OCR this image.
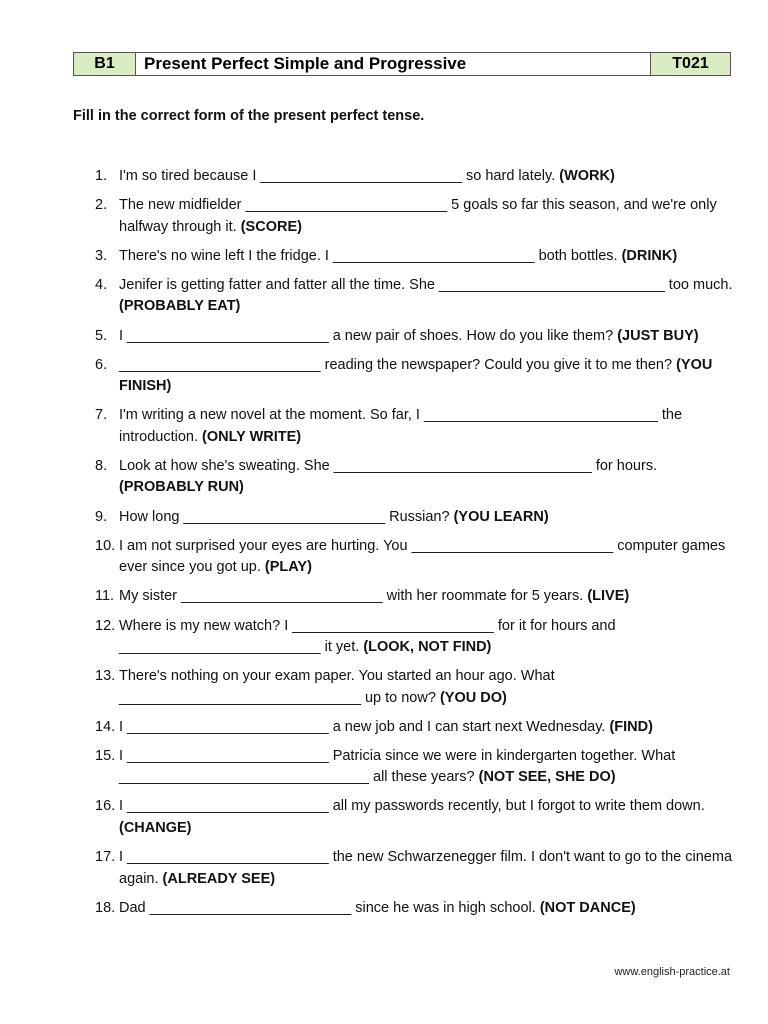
B1	Present Perfect Simple and Progressive	T021
Fill in the correct form of the present perfect tense.
1. I'm so tired because I _________________________ so hard lately. (WORK)
2. The new midfielder _________________________ 5 goals so far this season, and we're only halfway through it. (SCORE)
3. There's no wine left I the fridge. I _________________________ both bottles. (DRINK)
4. Jenifer is getting fatter and fatter all the time. She ____________________________ too much. (PROBABLY EAT)
5. I _________________________ a new pair of shoes. How do you like them? (JUST BUY)
6. _________________________ reading the newspaper? Could you give it to me then? (YOU FINISH)
7. I'm writing a new novel at the moment. So far, I _____________________________ the introduction. (ONLY WRITE)
8. Look at how she's sweating. She ________________________________ for hours. (PROBABLY RUN)
9. How long _________________________ Russian? (YOU LEARN)
10. I am not surprised your eyes are hurting. You _________________________ computer games ever since you got up. (PLAY)
11. My sister _________________________ with her roommate for 5 years. (LIVE)
12. Where is my new watch? I _________________________ for it for hours and _________________________ it yet. (LOOK, NOT FIND)
13. There's nothing on your exam paper. You started an hour ago. What ______________________________ up to now? (YOU DO)
14. I _________________________ a new job and I can start next Wednesday. (FIND)
15. I _________________________ Patricia since we were in kindergarten together. What _______________________________ all these years? (NOT SEE, SHE DO)
16. I _________________________ all my passwords recently, but I forgot to write them down. (CHANGE)
17. I _________________________ the new Schwarzenegger film. I don't want to go to the cinema again. (ALREADY SEE)
18. Dad _________________________ since he was in high school. (NOT DANCE)
www.english-practice.at
